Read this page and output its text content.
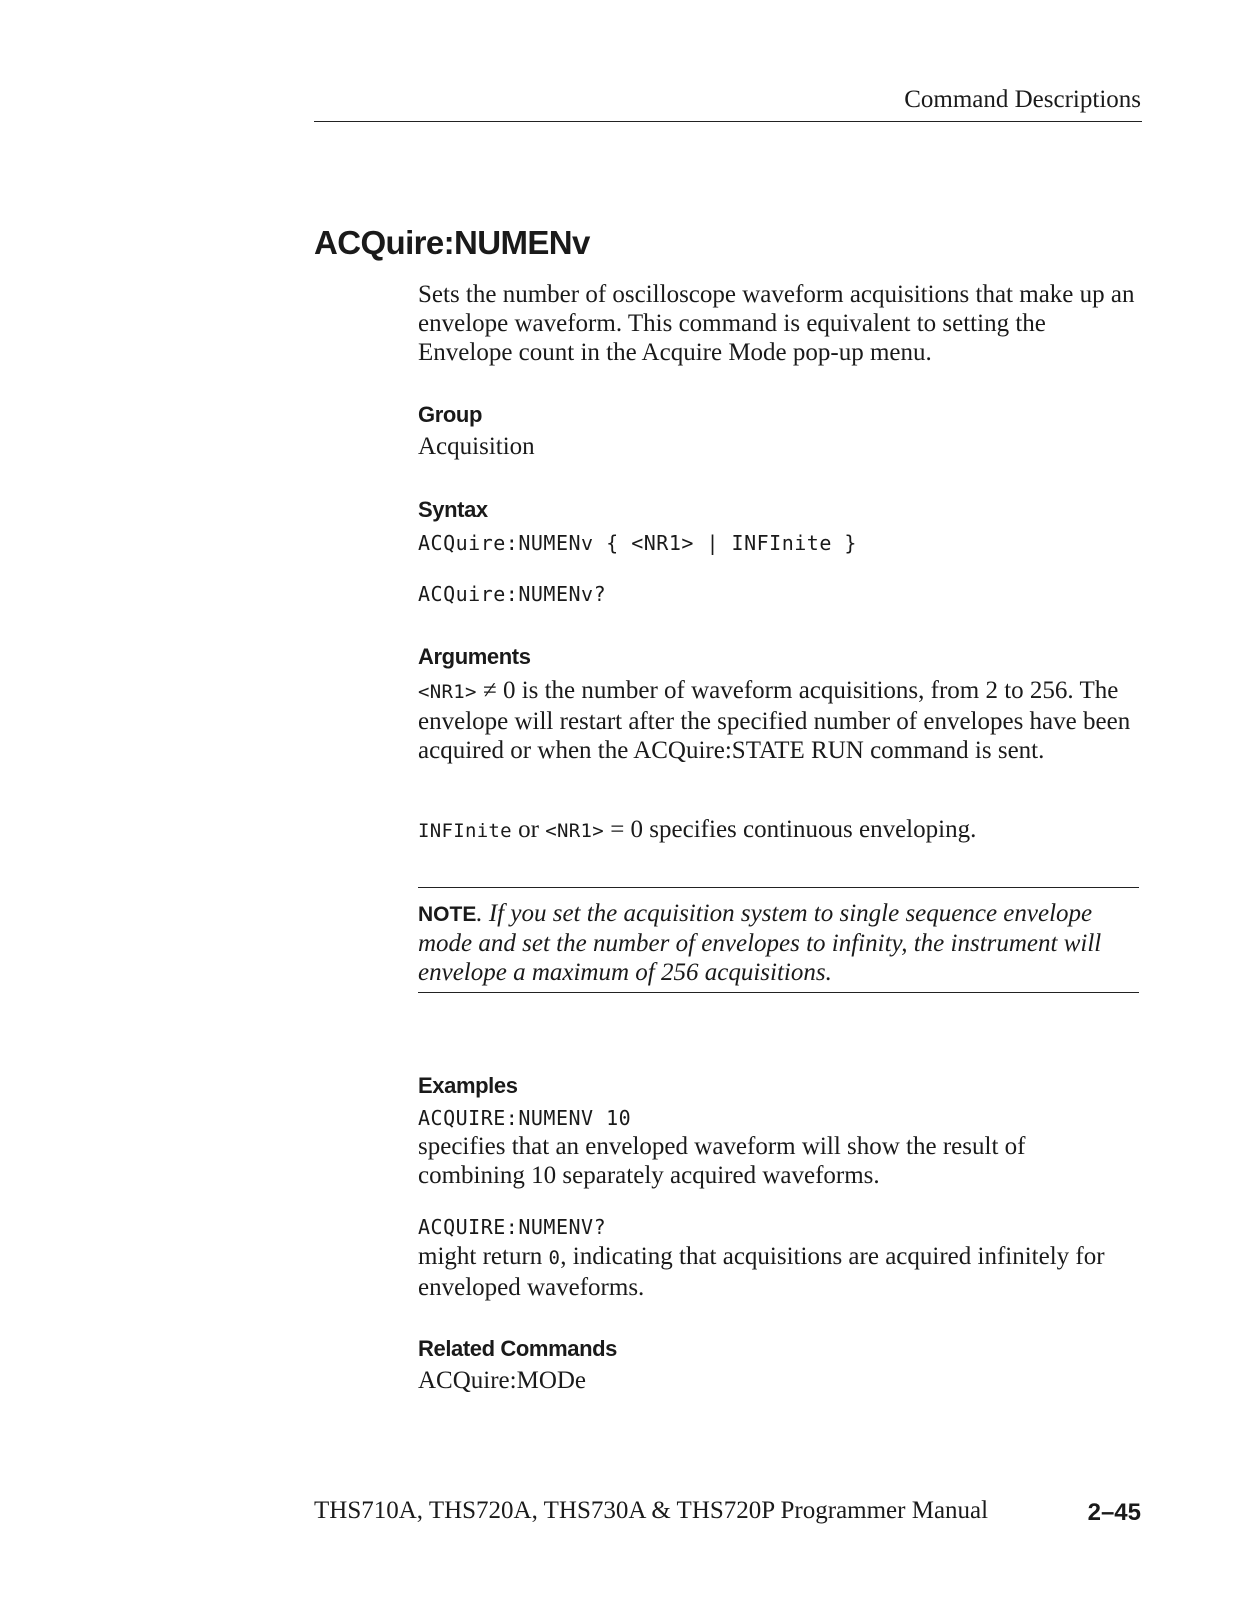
Command Descriptions
ACQuire:NUMENv
Sets the number of oscilloscope waveform acquisitions that make up an envelope waveform. This command is equivalent to setting the Envelope count in the Acquire Mode pop-up menu.
Group
Acquisition
Syntax
ACQuire:NUMENv { <NR1> | INFInite }
ACQuire:NUMENv?
Arguments
<NR1> ≠ 0 is the number of waveform acquisitions, from 2 to 256. The envelope will restart after the specified number of envelopes have been acquired or when the ACQuire:STATE RUN command is sent.
INFInite or <NR1> = 0 specifies continuous enveloping.
NOTE. If you set the acquisition system to single sequence envelope mode and set the number of envelopes to infinity, the instrument will envelope a maximum of 256 acquisitions.
Examples
ACQUIRE:NUMENV 10
specifies that an enveloped waveform will show the result of combining 10 separately acquired waveforms.
ACQUIRE:NUMENV?
might return 0, indicating that acquisitions are acquired infinitely for enveloped waveforms.
Related Commands
ACQuire:MODe
THS710A, THS720A, THS730A & THS720P Programmer Manual	2–45
